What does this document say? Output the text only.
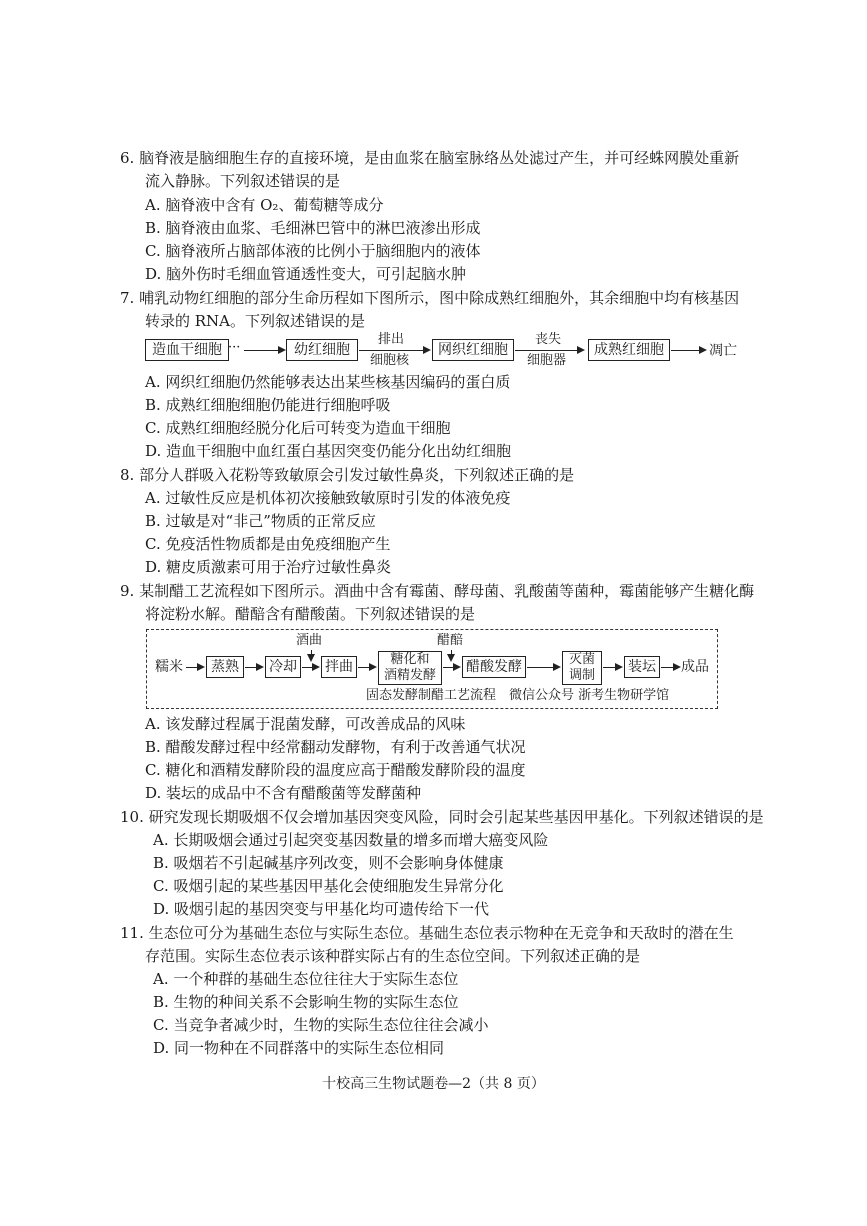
6. 脑脊液是脑细胞生存的直接环境，是由血浆在脑室脉络丛处滤过产生，并可经蛛网膜处重新
流入静脉。下列叙述错误的是
A. 脑脊液中含有 O₂、葡萄糖等成分
B. 脑脊液由血浆、毛细淋巴管中的淋巴液渗出形成
C. 脑脊液所占脑部体液的比例小于脑细胞内的液体
D. 脑外伤时毛细血管通透性变大，可引起脑水肿
7. 哺乳动物红细胞的部分生命历程如下图所示，图中除成熟红细胞外，其余细胞中均有核基因
转录的 RNA。下列叙述错误的是
造血干细胞 ···	幼红细胞
排出
细胞核
网织红细胞
丧失
细胞器
成熟红细胞	凋亡
A. 网织红细胞仍然能够表达出某些核基因编码的蛋白质
B. 成熟红细胞细胞仍能进行细胞呼吸
C. 成熟红细胞经脱分化后可转变为造血干细胞
D. 造血干细胞中血红蛋白基因突变仍能分化出幼红细胞
8. 部分人群吸入花粉等致敏原会引发过敏性鼻炎，下列叙述正确的是
A. 过敏性反应是机体初次接触致敏原时引发的体液免疫
B. 过敏是对“非己”物质的正常反应
C. 免疫活性物质都是由免疫细胞产生
D. 糖皮质激素可用于治疗过敏性鼻炎
9. 某制醋工艺流程如下图所示。酒曲中含有霉菌、酵母菌、乳酸菌等菌种，霉菌能够产生糖化酶
将淀粉水解。醋醅含有醋酸菌。下列叙述错误的是
糯米	蒸熟	冷却
酒曲
拌曲	糖化和
酒精发酵
醋醅
醋酸发酵	灭菌
调制
装坛 成品
固态发酵制醋工艺流程　微信公众号 浙考生物研学馆
A. 该发酵过程属于混菌发酵，可改善成品的风味
B. 醋酸发酵过程中经常翻动发酵物，有利于改善通气状况
C. 糖化和酒精发酵阶段的温度应高于醋酸发酵阶段的温度
D. 装坛的成品中不含有醋酸菌等发酵菌种
10. 研究发现长期吸烟不仅会增加基因突变风险，同时会引起某些基因甲基化。下列叙述错误的是
A. 长期吸烟会通过引起突变基因数量的增多而增大癌变风险
B. 吸烟若不引起碱基序列改变，则不会影响身体健康
C. 吸烟引起的某些基因甲基化会使细胞发生异常分化
D. 吸烟引起的基因突变与甲基化均可遗传给下一代
11. 生态位可分为基础生态位与实际生态位。基础生态位表示物种在无竞争和天敌时的潜在生
存范围。实际生态位表示该种群实际占有的生态位空间。下列叙述正确的是
A. 一个种群的基础生态位往往大于实际生态位
B. 生物的种间关系不会影响生物的实际生态位
C. 当竞争者减少时，生物的实际生态位往往会减小
D. 同一物种在不同群落中的实际生态位相同
十校高三生物试题卷—2（共 8 页）
